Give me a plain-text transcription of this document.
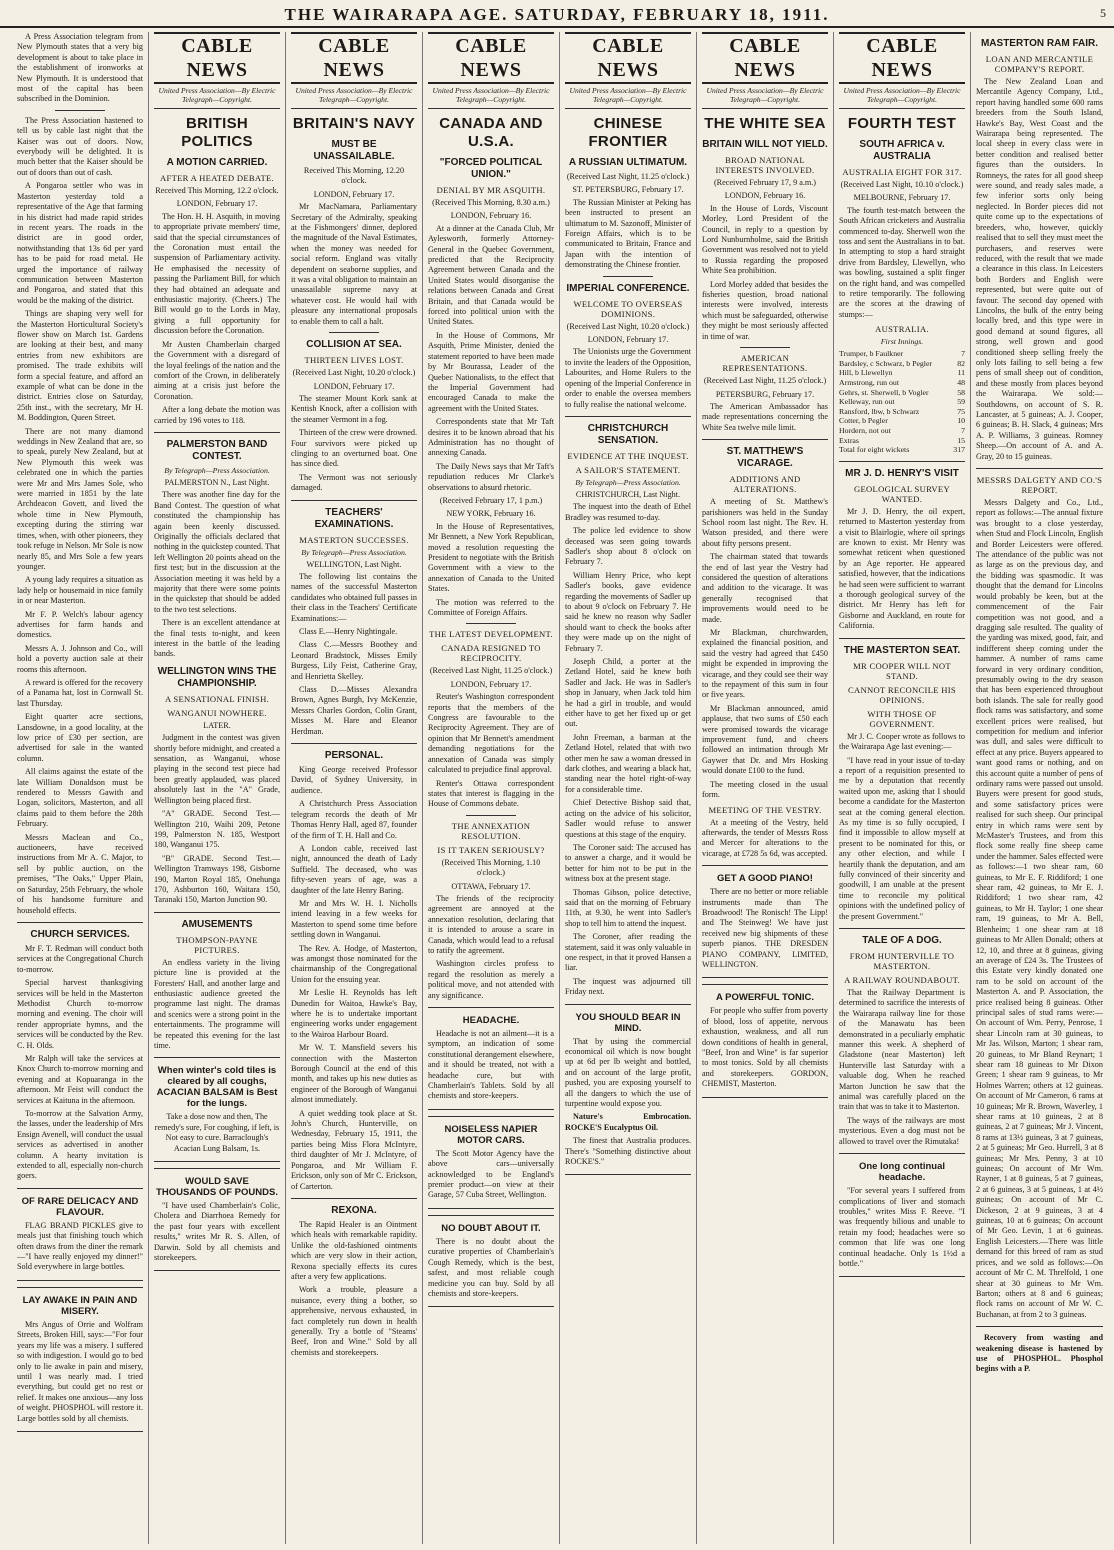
THE WAIRARAPA AGE. SATURDAY, FEBRUARY 18, 1911.	5

A Press Association telegram from New Plymouth states that a very big development is about to take place in the establishment of ironworks at New Plymouth. It is understood that most of the capital has been subscribed in the Dominion.

The Press Association hastened to tell us by cable last night that the Kaiser was out of doors. Now, everybody will be delighted. It is much better that the Kaiser should be out of doors than out of cash.

A Pongaroa settler who was in Masterton yesterday told a representative of the Age that farming in his district had made rapid strides in recent years. The roads in the district are in good order, notwithstanding that 13s 6d per yard has to be paid for road metal. He urged the importance of railway communication between Masterton and Pongaroa, and stated that this would be the making of the district.

Things are shaping very well for the Masterton Horticultural Society's flower show on March 1st. Gardens are looking at their best, and many entries from new exhibitors are promised. The trade exhibits will form a special feature, and afford an example of what can be done in the district. Entries close on Saturday, 25th inst., with the secretary, Mr H. M. Boddington, Queen Street.

There are not many diamond weddings in New Zealand that are, so to speak, purely New Zealand, but at New Plymouth this week was celebrated one in which the parties were Mr and Mrs James Sole, who were married in 1851 by the late Archdeacon Govett, and lived the whole time in New Plymouth, excepting during the stirring war times, when, with other pioneers, they took refuge in Nelson. Mr Sole is now nearly 85, and Mrs Sole a few years younger.

A young lady requires a situation as lady help or housemaid in nice family in or near Masterton.

Mr F. P. Welch's labour agency advertises for farm hands and domestics.

Messrs A. J. Johnson and Co., will hold a poverty auction sale at their rooms this afternoon.

A reward is offered for the recovery of a Panama hat, lost in Cornwall St. last Thursday.

Eight quarter acre sections, Lansdowne, in a good locality, at the low price of £30 per section, are advertised for sale in the wanted column.

All claims against the estate of the late William Donaldson must be rendered to Messrs Gawith and Logan, solicitors, Masterton, and all claims paid to them before the 28th February.

Messrs Maclean and Co., auctioneers, have received instructions from Mr A. C. Major, to sell by public auction, on the premises, "The Oaks," Upper Plain, on Saturday, 25th February, the whole of his handsome furniture and household effects.

CHURCH SERVICES.

Mr F. T. Redman will conduct both services at the Congregational Church to-morrow.

Special harvest thanksgiving services will be held in the Masterton Methodist Church to-morrow morning and evening. The choir will render appropriate hymns, and the services will be conducted by the Rev. C. H. Olds.

Mr Ralph will take the services at Knox Church to-morrow morning and evening and at Kopuaranga in the afternoon. Mr Feist will conduct the services at Kaituna in the afternoon.

To-morrow at the Salvation Army, the lasses, under the leadership of Mrs Ensign Avenell, will conduct the usual services as advertised in another column. A hearty invitation is extended to all, especially non-church goers.

OF RARE DELICACY AND FLAVOUR.

FLAG BRAND PICKLES give to meals just that finishing touch which often draws from the diner the remark—"I have really enjoyed my dinner!" Sold everywhere in large bottles.

LAY AWAKE IN PAIN AND MISERY.

Mrs Angus of Orrie and Wolfram Streets, Broken Hill, says:—"For four years my life was a misery. I suffered so with indigestion. I would go to bed only to lie awake in pain and misery, until I was nearly mad. I tried everything, but could get no rest or relief. It makes one anxious—any loss of weight. PHOSPHOL will restore it. Large bottles sold by all chemists.

CABLE NEWS
United Press Association—By Electric Telegraph—Copyright.
BRITISH POLITICS
A MOTION CARRIED.
AFTER A HEATED DEBATE.

Received This Morning, 12.2 o'clock.

LONDON, February 17.

The Hon. H. H. Asquith, in moving to appropriate private members' time, said that the special circumstances of the Coronation must entail the suspension of Parliamentary activity. He emphasised the necessity of passing the Parliament Bill, for which they had obtained an adequate and enthusiastic majority. (Cheers.) The Bill would go to the Lords in May, giving a full opportunity for discussion before the Coronation.

Mr Austen Chamberlain charged the Government with a disregard of the loyal feelings of the nation and the comfort of the Crown, in deliberately aiming at a crisis just before the Coronation.

After a long debate the motion was carried by 196 votes to 118.

PALMERSTON BAND CONTEST.
By Telegraph—Press Association.

PALMERSTON N., Last Night.

There was another fine day for the Band Contest. The question of what constituted the championship has again been keenly discussed. Originally the officials declared that nothing in the quickstep counted. That left Wellington 20 points ahead on the first test; but in the discussion at the Association meeting it was held by a majority that there were some points in the quickstep that should be added to the two test selections.

There is an excellent attendance at the final tests to-night, and keen interest in the battle of the leading bands.

WELLINGTON WINS THE CHAMPIONSHIP.
A SENSATIONAL FINISH.
WANGANUI NOWHERE.

LATER.

Judgment in the contest was given shortly before midnight, and created a sensation, as Wanganui, whose playing in the second test piece had been greatly applauded, was placed absolutely last in the "A" Grade, Wellington being placed first.

"A" GRADE. Second Test.—Wellington 210, Waihi 209, Petone 199, Palmerston N. 185, Westport 180, Wanganui 175.

"B" GRADE. Second Test.—Wellington Tramways 198, Gisborne 190, Marton Royal 185, Onehunga 170, Ashburton 160, Waitara 150, Taranaki 150, Marton Junction 90.

AMUSEMENTS
THOMPSON-PAYNE PICTURES.

An endless variety in the living picture line is provided at the Foresters' Hall, and another large and enthusiastic audience greeted the programme last night. The dramas and scenics were a strong point in the entertainments. The programme will be repeated this evening for the last time.

When winter's cold tiles is cleared by all coughs, ACACIAN BALSAM is Best for the lungs.

Take a dose now and then, The remedy's sure, For coughing, if left, is Not easy to cure. Barraclough's Acacian Lung Balsam, 1s.

WOULD SAVE THOUSANDS OF POUNDS.

"I have used Chamberlain's Colic, Cholera and Diarrhoea Remedy for the past four years with excellent results," writes Mr R. S. Allen, of Darwin. Sold by all chemists and storekeepers.

CABLE NEWS
United Press Association—By Electric Telegraph—Copyright.
BRITAIN'S NAVY
MUST BE UNASSAILABLE.

Received This Morning, 12.20 o'clock.

LONDON, February 17.

Mr MacNamara, Parliamentary Secretary of the Admiralty, speaking at the Fishmongers' dinner, deplored the magnitude of the Naval Estimates, when the money was needed for social reform. England was vitally dependent on seaborne supplies, and it was a vital obligation to maintain an unassailable supreme navy at whatever cost. He would hail with pleasure any international proposals to enable them to call a halt.

COLLISION AT SEA.
THIRTEEN LIVES LOST.

(Received Last Night, 10.20 o'clock.)

LONDON, February 17.

The steamer Mount Kork sank at Kentish Knock, after a collision with the steamer Vermont in a fog.

Thirteen of the crew were drowned. Four survivors were picked up clinging to an overturned boat. One has since died.

The Vermont was not seriously damaged.

TEACHERS' EXAMINATIONS.
MASTERTON SUCCESSES.
By Telegraph—Press Association.

WELLINGTON, Last Night.

The following list contains the names of the successful Masterton candidates who obtained full passes in their class in the Teachers' Certificate Examinations:—

Class E.—Henry Nightingale.

Class C.—Messrs Boothey and Leonard Bradstock, Misses Emily Burgess, Lily Feist, Catherine Gray, and Henrietta Skelley.

Class D.—Misses Alexandra Brown, Agnes Burgh, Ivy McKenzie, Messrs Charles Gordon, Colin Grant, Misses M. Hare and Eleanor Herdman.

PERSONAL.

King George received Professor David, of Sydney University, in audience.

A Christchurch Press Association telegram records the death of Mr Thomas Henry Hall, aged 87, founder of the firm of T. H. Hall and Co.

A London cable, received last night, announced the death of Lady Suffield. The deceased, who was fifty-seven years of age, was a daughter of the late Henry Baring.

Mr and Mrs W. H. I. Nicholls intend leaving in a few weeks for Masterton to spend some time before settling down in Wanganui.

The Rev. A. Hodge, of Masterton, was amongst those nominated for the chairmanship of the Congregational Union for the ensuing year.

Mr Leslie H. Reynolds has left Dunedin for Waitoa, Hawke's Bay, where he is to undertake important engineering works under engagement to the Wairoa Harbour Board.

Mr W. T. Mansfield severs his connection with the Masterton Borough Council at the end of this month, and takes up his new duties as engineer of the Borough of Wanganui almost immediately.

A quiet wedding took place at St. John's Church, Hunterville, on Wednesday, February 15, 1911, the parties being Miss Flora McIntyre, third daughter of Mr J. McIntyre, of Pongaroa, and Mr William F. Erickson, only son of Mr C. Erickson, of Carterton.

REXONA.

The Rapid Healer is an Ointment which heals with remarkable rapidity. Unlike the old-fashioned ointments which are very slow in their action, Rexona specially effects its cures after a very few applications.

Work a trouble, pleasure a nuisance, every thing a bother, so apprehensive, nervous exhausted, in fact completely run down in health generally. Try a bottle of "Steams' Beef, Iron and Wine." Sold by all chemists and storekeepers.

CABLE NEWS
United Press Association—By Electric Telegraph—Copyright.
CANADA AND U.S.A.
"FORCED POLITICAL UNION."
DENIAL BY MR ASQUITH.

(Received This Morning, 8.30 a.m.)

LONDON, February 16.

At a dinner at the Canada Club, Mr Aylesworth, formerly Attorney-General in the Quebec Government, predicted that the Reciprocity Agreement between Canada and the United States would disorganise the relations between Canada and Great Britain, and that Canada would be forced into political union with the United States.

In the House of Commons, Mr Asquith, Prime Minister, denied the statement reported to have been made by Mr Bourassa, Leader of the Quebec Nationalists, to the effect that the Imperial Government had encouraged Canada to make the agreement with the United States.

Correspondents state that Mr Taft desires it to be known abroad that his Administration has no thought of annexing Canada.

The Daily News says that Mr Taft's repudiation reduces Mr Clarke's observations to absurd rhetoric.

(Received February 17, 1 p.m.)

NEW YORK, February 16.

In the House of Representatives, Mr Bennett, a New York Republican, moved a resolution requesting the President to negotiate with the British Government with a view to the annexation of Canada to the United States.

The motion was referred to the Committee of Foreign Affairs.

THE LATEST DEVELOPMENT.
CANADA RESIGNED TO RECIPROCITY.

(Received Last Night, 11.25 o'clock.)

LONDON, February 17.

Reuter's Washington correspondent reports that the members of the Congress are favourable to the Reciprocity Agreement. They are of opinion that Mr Bennett's amendment demanding negotiations for the annexation of Canada was simply calculated to prejudice final approval.

Renter's Ottawa correspondent states that interest is flagging in the House of Commons debate.

THE ANNEXATION RESOLUTION.
IS IT TAKEN SERIOUSLY?

(Received This Morning, 1.10 o'clock.)

OTTAWA, February 17.

The friends of the reciprocity agreement are annoyed at the annexation resolution, declaring that it is intended to arouse a scare in Canada, which would lead to a refusal to ratify the agreement.

Washington circles profess to regard the resolution as merely a political move, and not attended with any significance.

HEADACHE.

Headache is not an ailment—it is a symptom, an indication of some constitutional derangement elsewhere, and it should be treated, not with a headache cure, but with Chamberlain's Tablets. Sold by all chemists and store-keepers.

NOISELESS NAPIER MOTOR CARS.

The Scott Motor Agency have the above cars—universally acknowledged to be England's premier product—on view at their Garage, 57 Cuba Street, Wellington.

NO DOUBT ABOUT IT.

There is no doubt about the curative properties of Chamberlain's Cough Remedy, which is the best, safest, and most reliable cough medicine you can buy. Sold by all chemists and store-keepers.

CABLE NEWS
United Press Association—By Electric Telegraph—Copyright.
CHINESE FRONTIER
A RUSSIAN ULTIMATUM.

(Received Last Night, 11.25 o'clock.)

ST. PETERSBURG, February 17.

The Russian Minister at Peking has been instructed to present an ultimatum to M. Sazonoff, Minister of Foreign Affairs, which is to be communicated to Britain, France and Japan with the intention of demonstrating the Chinese frontier.

IMPERIAL CONFERENCE.
WELCOME TO OVERSEAS DOMINIONS.

(Received Last Night, 10.20 o'clock.)

LONDON, February 17.

The Unionists urge the Government to invite the leaders of the Opposition, Labourites, and Home Rulers to the opening of the Imperial Conference in order to enable the oversea members to fully realise the national welcome.

CHRISTCHURCH SENSATION.
EVIDENCE AT THE INQUEST.
A SAILOR'S STATEMENT.
By Telegraph—Press Association.

CHRISTCHURCH, Last Night.

The inquest into the death of Ethel Bradley was resumed to-day.

The police led evidence to show deceased was seen going towards Sadler's shop about 8 o'clock on February 7.

William Henry Price, who kept Sadler's books, gave evidence regarding the movements of Sadler up to about 9 o'clock on February 7. He said he knew no reason why Sadler should want to check the books after they were made up on the night of February 7.

Joseph Child, a porter at the Zetland Hotel, said he knew both Sadler and Jack. He was in Sadler's shop in January, when Jack told him he had a girl in trouble, and would either have to get her fixed up or get out.

John Freeman, a barman at the Zetland Hotel, related that with two other men he saw a woman dressed in dark clothes, and wearing a black hat, standing near the hotel right-of-way for a considerable time.

Chief Detective Bishop said that, acting on the advice of his solicitor, Sadler would refuse to answer questions at this stage of the enquiry.

The Coroner said: The accused has to answer a charge, and it would be better for him not to be put in the witness box at the present stage.

Thomas Gibson, police detective, said that on the morning of February 11th, at 9.30, he went into Sadler's shop to tell him to attend the inquest.

The Coroner, after reading the statement, said it was only valuable in one respect, in that it proved Hansen a liar.

The inquest was adjourned till Friday next.

YOU SHOULD BEAR IN MIND.

That by using the commercial economical oil which is now bought up at 6d per lb weight and bottled, and on account of the large profit, pushed, you are exposing yourself to all the dangers to which the use of turpentine would expose you.

Nature's Embrocation. ROCKE'S Eucalyptus Oil.

The finest that Australia produces. There's "Something distinctive about ROCKE'S."

CABLE NEWS
United Press Association—By Electric Telegraph—Copyright.
THE WHITE SEA
BRITAIN WILL NOT YIELD.
BROAD NATIONAL INTERESTS INVOLVED.

(Received February 17, 9 a.m.)

LONDON, February 16.

In the House of Lords, Viscount Morley, Lord President of the Council, in reply to a question by Lord Nunburnholme, said the British Government was resolved not to yield to Russia regarding the proposed White Sea prohibition.

Lord Morley added that besides the fisheries question, broad national interests were involved, interests which must be safeguarded, otherwise they might be most seriously affected in time of war.

AMERICAN REPRESENTATIONS.

(Received Last Night, 11.25 o'clock.)

PETERSBURG, February 17.

The American Ambassador has made representations concerning the White Sea twelve mile limit.

ST. MATTHEW'S VICARAGE.
ADDITIONS AND ALTERATIONS.

A meeting of St. Matthew's parishioners was held in the Sunday School room last night. The Rev. H. Watson presided, and there were about fifty persons present.

The chairman stated that towards the end of last year the Vestry had considered the question of alterations and addition to the vicarage. It was generally recognised that improvements would need to be made.

Mr Blackman, churchwarden, explained the financial position, and said the vestry had agreed that £450 might be expended in improving the vicarage, and they could see their way to the repayment of this sum in four or five years.

Mr Blackman announced, amid applause, that two sums of £50 each were promised towards the vicarage improvement fund, and cheers followed an intimation through Mr Gaywer that Dr. and Mrs Hosking would donate £100 to the fund.

The meeting closed in the usual form.

MEETING OF THE VESTRY.

At a meeting of the Vestry, held afterwards, the tender of Messrs Ross and Mercer for alterations to the vicarage, at £728 5s 6d, was accepted.

GET A GOOD PIANO!

There are no better or more reliable instruments made than The Broadwood! The Ronisch! The Lipp! and The Steinweg! We have just received new big shipments of these superb pianos. THE DRESDEN PIANO COMPANY, LIMITED, WELLINGTON.

A POWERFUL TONIC.

For people who suffer from poverty of blood, loss of appetite, nervous exhaustion, weakness, and all run down conditions of health in general, "Beef, Iron and Wine" is far superior to most tonics. Sold by all chemists and storekeepers. GORDON, CHEMIST, Masterton.

CABLE NEWS
United Press Association—By Electric Telegraph—Copyright.
FOURTH TEST
SOUTH AFRICA v. AUSTRALIA
AUSTRALIA EIGHT FOR 317.

(Received Last Night, 10.10 o'clock.)

MELBOURNE, February 17.

The fourth test-match between the South African cricketers and Australia commenced to-day. Sherwell won the toss and sent the Australians in to bat. In attempting to stop a hard straight drive from Bardsley, Llewellyn, who was bowling, sustained a split finger on the right hand, and was compelled to retire temporarily. The following are the scores at the drawing of stumps:—

AUSTRALIA.
First Innings.
Trumper, b Faulkner	7
Bardsley, c Schwarz, b Pegler	82
Hill, b Llewellyn	11
Armstrong, run out	48
Gehrs, st. Sherwell, b Vogler	58
Kelleway, run out	59
Ransford, lbw, b Schwarz	75
Cotter, b Pegler	10
Hordern, not out	7
Extras	15
Total for eight wickets	317
MR J. D. HENRY'S VISIT
GEOLOGICAL SURVEY WANTED.

Mr J. D. Henry, the oil expert, returned to Masterton yesterday from a visit to Blairlogie, where oil springs are known to exist. Mr Henry was somewhat reticent when questioned by an Age reporter. He appeared satisfied, however, that the indications he had seen were sufficient to warrant a thorough geological survey of the district. Mr Henry has left for Gisborne and Auckland, en route for California.

THE MASTERTON SEAT.
MR COOPER WILL NOT STAND.
CANNOT RECONCILE HIS OPINIONS.
WITH THOSE OF GOVERNMENT.

Mr J. C. Cooper wrote as follows to the Wairarapa Age last evening:—

"I have read in your issue of to-day a report of a requisition presented to me by a deputation that recently waited upon me, asking that I should become a candidate for the Masterton seat at the coming general election. As my time is so fully occupied, I find it impossible to allow myself at present to be nominated for this, or any other election, and while I heartily thank the deputation, and am fully convinced of their sincerity and goodwill, I am unable at the present time to reconcile my political opinions with the undefined policy of the present Government."

TALE OF A DOG.
FROM HUNTERVILLE TO MASTERTON.
A RAILWAY ROUNDABOUT.

That the Railway Department is determined to sacrifice the interests of the Wairarapa railway line for those of the Manawatu has been demonstrated in a peculiarly emphatic manner this week. A shepherd of Gladstone (near Masterton) left Hunterville last Saturday with a valuable dog. When he reached Marton Junction he saw that the animal was carefully placed on the train that was to take it to Masterton.

The ways of the railways are most mysterious. Even a dog must not be allowed to travel over the Rimutaka!

One long continual headache.

"For several years I suffered from complications of liver and stomach troubles," writes Miss F. Reeve. "I was frequently bilious and unable to retain my food; headaches were so common that life was one long continual headache. Only 1s 1½d a bottle."

MASTERTON RAM FAIR.
LOAN AND MERCANTILE COMPANY'S REPORT.

The New Zealand Loan and Mercantile Agency Company, Ltd., report having handled some 600 rams breeders from the South Island, Hawke's Bay, West Coast and the Wairarapa being represented. The local sheep in every class were in better condition and realised better figures than the outsiders. In Romneys, the rates for all good sheep were sound, and ready sales made, a few inferior sorts only being neglected. In Border pieces did not quite come up to the expectations of breeders, who, however, quickly realised that to sell they must meet the purchasers, and reserves were reduced, with the result that we made a clearance in this class. In Leicesters both Borders and English were represented, but were quite out of favour. The second day opened with Lincolns, the bulk of the entry being locally bred, and this type were in good demand at sound figures, all strong, well grown and good conditioned sheep selling freely the only lots failing to sell being a few pens of small sheep out of condition, and these mostly from places beyond the Wairarapa. We sold:—Southdowns, on account of S. R. Lancaster, at 5 guineas; A. J. Cooper, 6 guineas; B. H. Slack, 4 guineas; Mrs A. P. Williams, 3 guineas. Romney Sheep.—On account of A. and A. Gray, 20 to 15 guineas.

MESSRS DALGETY AND CO.'S REPORT.

Messrs Dalgety and Co., Ltd., report as follows:—The annual fixture was brought to a close yesterday, when Stud and Flock Lincoln, English and Border Leicesters were offered. The attendance of the public was not as large as on the previous day, and the bidding was spasmodic. It was thought that the demand for Lincolns would probably be keen, but at the commencement of the Fair competition was not good, and a dragging sale resulted. The quality of the yarding was mixed, good, fair, and indifferent sheep coming under the hammer. A number of rams came forward in very ordinary condition, presumably owing to the dry season that has been experienced throughout both islands. The sale for really good flock rams was satisfactory, and some excellent prices were realised, but competition for medium and inferior was dull, and sales were difficult to effect at any price. Buyers appeared to want good rams or nothing, and on this account quite a number of pens of ordinary rams were passed out unsold. Buyers were present for good studs, and some satisfactory prices were realised for such sheep. Our principal entry in which rams were sent by McMaster's Trustees, and from this flock some really fine sheep came under the hammer. Sales effected were as follows:—1 two shear ram, 60 guineas, to Mr E. F. Riddiford; 1 one shear ram, 42 guineas, to Mr E. J. Riddiford; 1 two shear ram, 42 guineas, to Mr H. Taylor; 1 one shear ram, 19 guineas, to Mr A. Bell, Blenheim; 1 one shear ram at 18 guineas to Mr Allen Donald; others at 12, 10, and three at 8 guineas, giving an average of £24 3s. The Trustees of this Estate very kindly donated one ram to be sold on account of the Masterton A. and P. Association, the price realised being 8 guineas. Other principal sales of stud rams were:—On account of Wm. Perry, Penrose, 1 shear Lincoln ram at 30 guineas, to Mr Jas. Wilson, Marton; 1 shear ram, 20 guineas, to Mr Bland Reynart; 1 shear ram 18 guineas to Mr Dixon Green; 1 shear ram 9 guineas, to Mr Holmes Warren; others at 12 guineas. On account of Mr Cameron, 6 rams at 10 guineas; Mr R. Brown, Waverley, 1 shear rams at 10 guineas, 2 at 8 guineas, 2 at 7 guineas; Mr J. Vincent, 8 rams at 13½ guineas, 3 at 7 guineas, 2 at 5 guineas; Mr Geo. Hurrell, 3 at 8 guineas; Mr Mrs. Penny, 3 at 10 guineas; On account of Mr Wm. Rayner, 1 at 8 guineas, 5 at 7 guineas, 2 at 6 guineas, 3 at 5 guineas, 1 at 4½ guineas; On account of Mr C. Dickeson, 2 at 9 guineas, 3 at 4 guineas, 10 at 6 guineas; On account of Mr Geo. Levin, 1 at 6 guineas. English Leicesters.—There was little demand for this breed of ram as stud prices, and we sold as follows:—On account of Mr C. M. Threlfold, 1 one shear at 30 guineas to Mr Wm. Barton; others at 8 and 6 guineas; flock rams on account of Mr W. C. Buchanan, at from 2 to 3 guineas.

Recovery from wasting and weakening disease is hastened by use of PHOSPHOL. Phosphol begins with a P.
